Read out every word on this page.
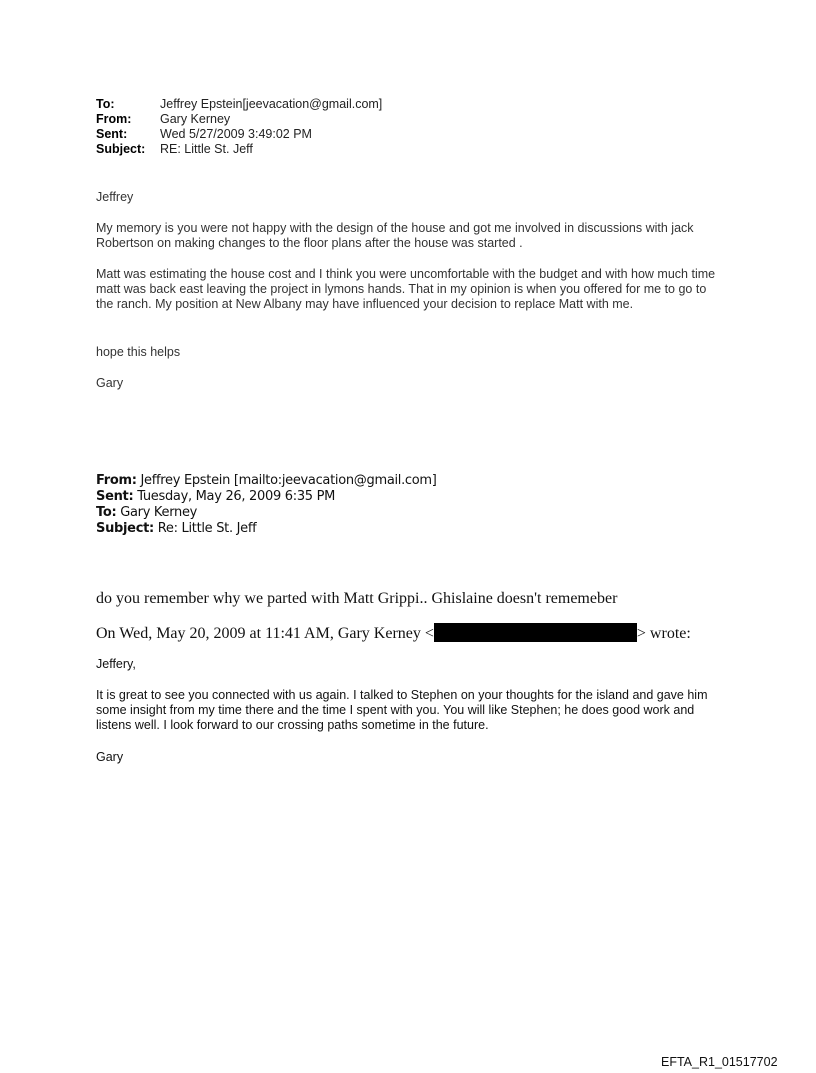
To:	Jeffrey Epstein[jeevacation@gmail.com]
From: Gary Kerney
Sent:	Wed 5/27/2009 3:49:02 PM
Subject: RE: Little St. Jeff
Jeffrey
My memory is you were not happy with the design of the house and got me involved in discussions with jack Robertson on making changes to the floor plans after the house was started .
Matt was estimating the house cost and I think you were uncomfortable with the budget and with how much time matt was back east leaving the project in lymons hands. That in my opinion is when you offered for me to go to the ranch. My position at New Albany may have influenced your decision to replace Matt with me.
hope this helps
Gary
From: Jeffrey Epstein [mailto:jeevacation@gmail.com]
Sent: Tuesday, May 26, 2009 6:35 PM
To: Gary Kerney
Subject: Re: Little St. Jeff
do you remember why we parted with Matt Grippi.. Ghislaine doesn't rememeber
On Wed, May 20, 2009 at 11:41 AM, Gary Kerney <	> wrote:
Jeffery,
It is great to see you connected with us again. I talked to Stephen on your thoughts for the island and gave him some insight from my time there and the time I spent with you. You will like Stephen; he does good work and listens well. I look forward to our crossing paths sometime in the future.
Gary
EFTA_R1_01517702
